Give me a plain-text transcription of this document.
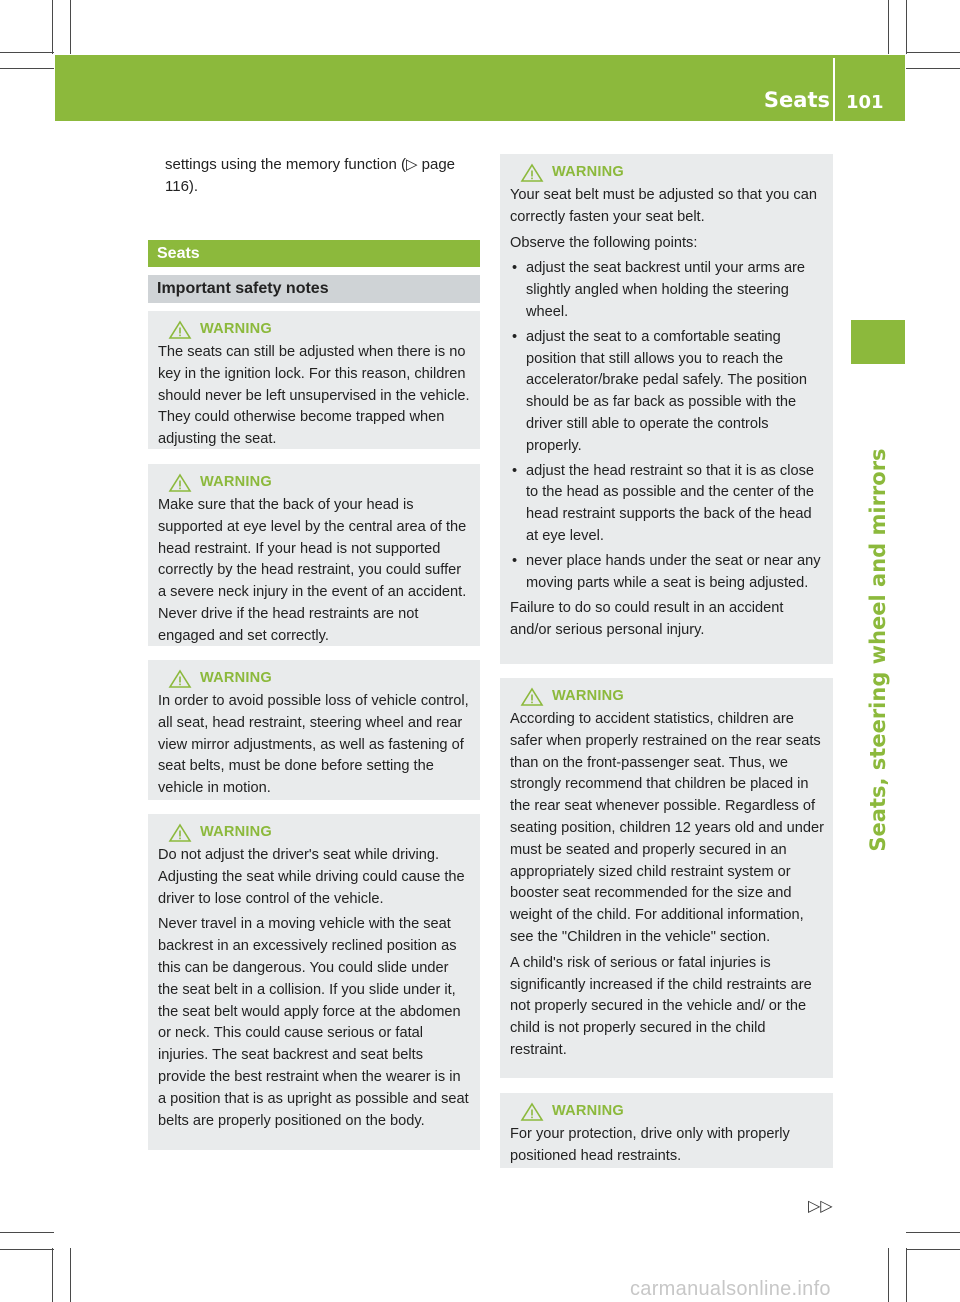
Seats 101
Seats, steering wheel and mirrors
settings using the memory function (▷ page 116).
Seats
Important safety notes
WARNING

The seats can still be adjusted when there is no key in the ignition lock. For this reason, children should never be left unsupervised in the vehicle. They could otherwise become trapped when adjusting the seat.

WARNING

Make sure that the back of your head is supported at eye level by the central area of the head restraint. If your head is not supported correctly by the head restraint, you could suffer a severe neck injury in the event of an accident. Never drive if the head restraints are not engaged and set correctly.

WARNING

In order to avoid possible loss of vehicle control, all seat, head restraint, steering wheel and rear view mirror adjustments, as well as fastening of seat belts, must be done before setting the vehicle in motion.

WARNING

Do not adjust the driver's seat while driving. Adjusting the seat while driving could cause the driver to lose control of the vehicle.

Never travel in a moving vehicle with the seat backrest in an excessively reclined position as this can be dangerous. You could slide under the seat belt in a collision. If you slide under it, the seat belt would apply force at the abdomen or neck. This could cause serious or fatal injuries. The seat backrest and seat belts provide the best restraint when the wearer is in a position that is as upright as possible and seat belts are properly positioned on the body.

WARNING

Your seat belt must be adjusted so that you can correctly fasten your seat belt.

Observe the following points:

• adjust the seat backrest until your arms are slightly angled when holding the steering wheel.
• adjust the seat to a comfortable seating position that still allows you to reach the accelerator/brake pedal safely. The position should be as far back as possible with the driver still able to operate the controls properly.
• adjust the head restraint so that it is as close to the head as possible and the center of the head restraint supports the back of the head at eye level.
• never place hands under the seat or near any moving parts while a seat is being adjusted.

Failure to do so could result in an accident and/or serious personal injury.

WARNING

According to accident statistics, children are safer when properly restrained on the rear seats than on the front-passenger seat. Thus, we strongly recommend that children be placed in the rear seat whenever possible. Regardless of seating position, children 12 years old and under must be seated and properly secured in an appropriately sized child restraint system or booster seat recommended for the size and weight of the child. For additional information, see the "Children in the vehicle" section.

A child's risk of serious or fatal injuries is significantly increased if the child restraints are not properly secured in the vehicle and/ or the child is not properly secured in the child restraint.

WARNING

For your protection, drive only with properly positioned head restraints.

▷▷
carmanualsonline.info
